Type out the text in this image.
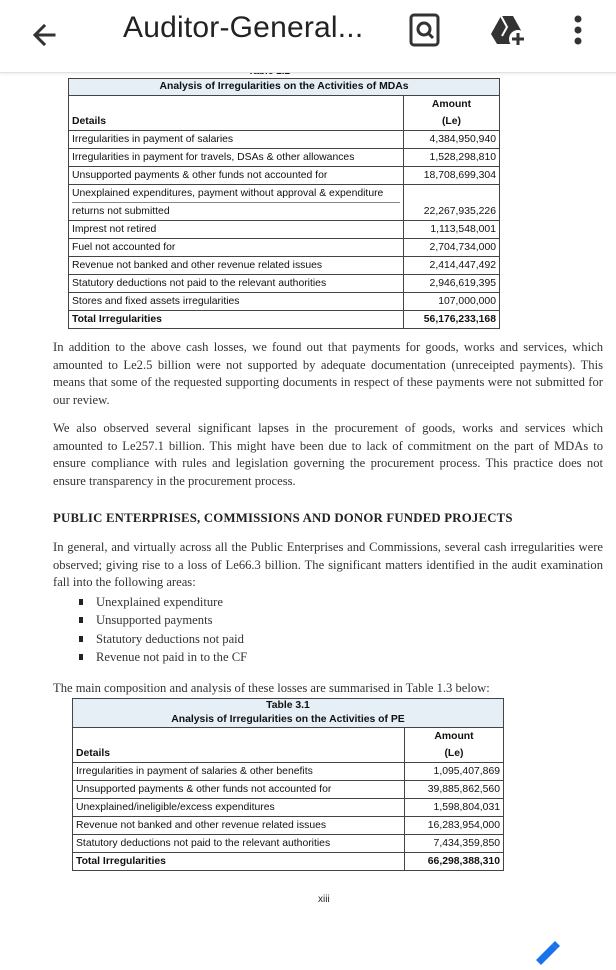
Auditor-General...
Analysis of Irregularities on the Activities of MDAs	
Details	Amount
	(Le)
Irregularities in payment of salaries	4,384,950,940
Irregularities in payment for travels, DSAs & other allowances	1,528,298,810
Unsupported payments & other funds not accounted for	18,708,699,304

Unexplained expenditures, payment without approval & expenditure
returns not submitted	22,267,935,226
Imprest not retired	1,113,548,001
Fuel not accounted for	2,704,734,000
Revenue not banked and other revenue related issues	2,414,447,492
Statutory deductions not paid to the relevant authorities	2,946,619,395
Stores and fixed assets irregularities	107,000,000
Total Irregularities	56,176,233,168
In addition to the above cash losses, we found out that payments for goods, works and services, which amounted to Le2.5 billion were not supported by adequate documentation (unreceipted payments). This means that some of the requested supporting documents in respect of these payments were not submitted for our review.
We also observed several significant lapses in the procurement of goods, works and services which amounted to Le257.1 billion. This might have been due to lack of commitment on the part of MDAs to ensure compliance with rules and legislation governing the procurement process. This practice does not ensure transparency in the procurement process.
PUBLIC ENTERPRISES, COMMISSIONS AND DONOR FUNDED PROJECTS
In general, and virtually across all the Public Enterprises and Commissions, several cash irregularities were observed; giving rise to a loss of Le66.3 billion. The significant matters identified in the audit examination fall into the following areas:
Unexplained expenditure
Unsupported payments
Statutory deductions not paid
Revenue not paid in to the CF
The main composition and analysis of these losses are summarised in Table 1.3 below:
Table 3.1
Analysis of Irregularities on the Activities of PE	

Details	Amount
	(Le)
Irregularities in payment of salaries & other benefits	1,095,407,869
Unsupported payments & other funds not accounted for	39,885,862,560
Unexplained/ineligible/excess expenditures	1,598,804,031
Revenue not banked and other revenue related issues	16,283,954,000
Statutory deductions not paid to the relevant authorities	7,434,359,850
Total Irregularities	66,298,388,310
xiii
